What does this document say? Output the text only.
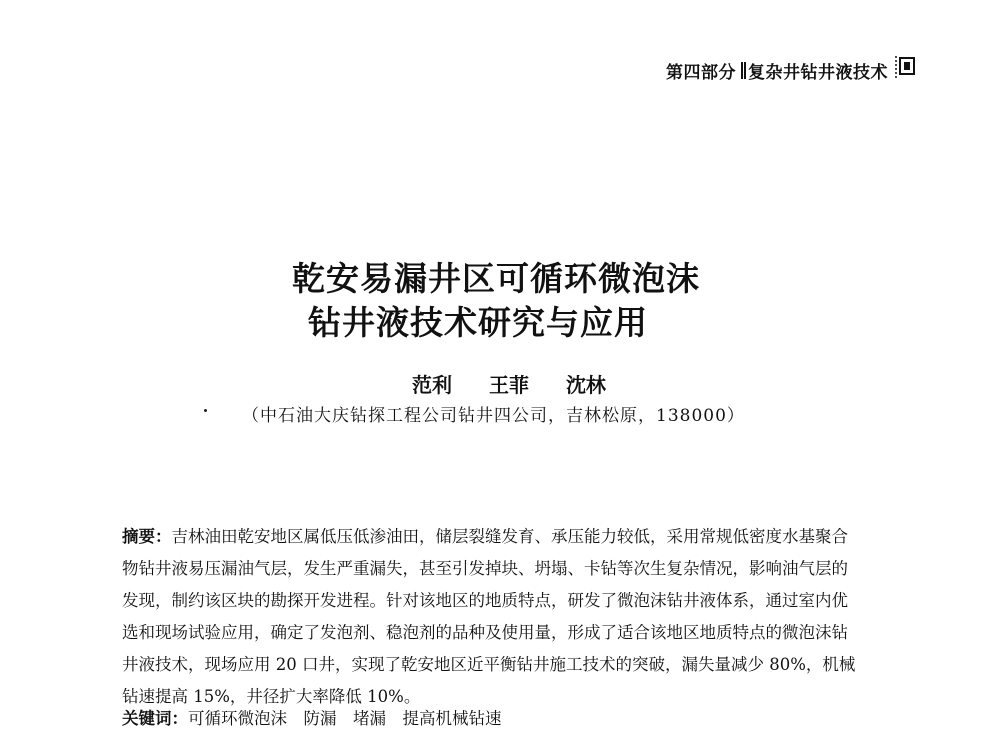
第四部分 复杂井钻井液技术
乾安易漏井区可循环微泡沫
钻井液技术研究与应用
范利 王菲 沈林
（中石油大庆钻探工程公司钻井四公司，吉林松原，138000）
摘要：吉林油田乾安地区属低压低渗油田，储层裂缝发育、承压能力较低，采用常规低密度水基聚合
物钻井液易压漏油气层，发生严重漏失，甚至引发掉块、坍塌、卡钻等次生复杂情况，影响油气层的
发现，制约该区块的勘探开发进程。针对该地区的地质特点，研发了微泡沫钻井液体系，通过室内优
选和现场试验应用，确定了发泡剂、稳泡剂的品种及使用量，形成了适合该地区地质特点的微泡沫钻
井液技术，现场应用 20 口井，实现了乾安地区近平衡钻井施工技术的突破，漏失量减少 80%，机械
钻速提高 15%，井径扩大率降低 10%。
关键词：可循环微泡沫　防漏　堵漏　提高机械钻速
